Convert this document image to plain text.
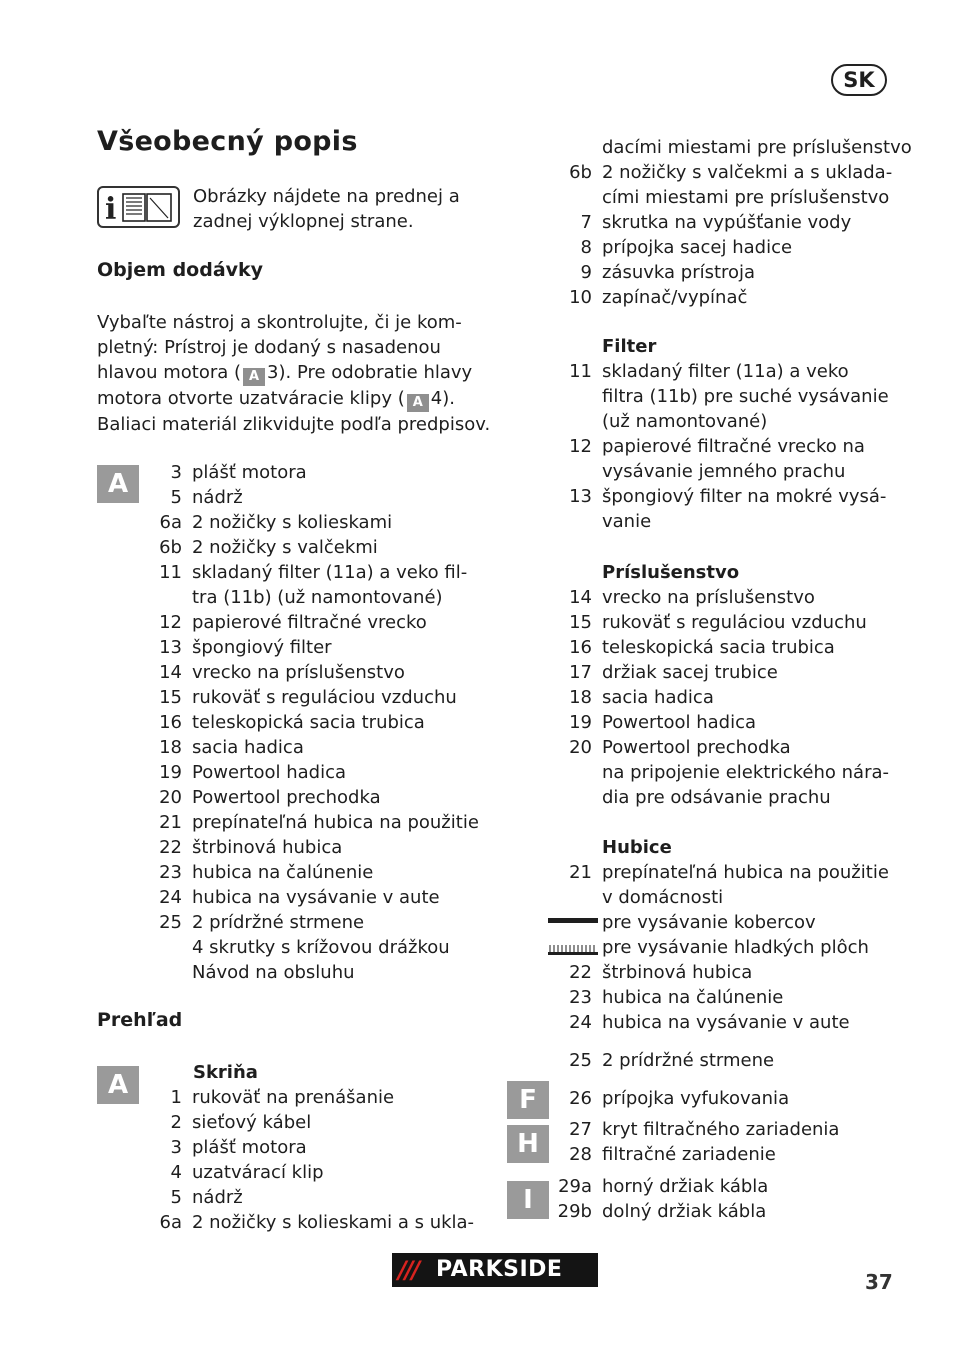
SK
Všeobecný popis
i	Obrázky nájdete na prednej a
zadnej výklopnej strane.
Objem dodávky
Vybaľte nástroj a skontrolujte, či je kom-
pletný: Prístroj je dodaný s nasadenou
hlavou motora ( A 3). Pre odobratie hlavy
motora otvorte uzatváracie klipy ( A 4).
Baliaci materiál zlikvidujte podľa predpisov.
A	3 plášť motora
5 nádrž
6a 2 nožičky s kolieskami
6b 2 nožičky s valčekmi
11 skladaný filter (11a) a veko fil-
tra (11b) (už namontované)
12 papierové filtračné vrecko
13 špongiový filter
14 vrecko na príslušenstvo
15 rukoväť s reguláciou vzduchu
16 teleskopická sacia trubica
18 sacia hadica
19 Powertool hadica
20 Powertool prechodka
21 prepínateľná hubica na použitie
22 štrbinová hubica
23 hubica na čalúnenie
24 hubica na vysávanie v aute
25 2 prídržné strmene
4 skrutky s krížovou drážkou
Návod na obsluhu
Prehľad
A	Skriňa
1 rukoväť na prenášanie
2 sieťový kábel
3 plášť motora
4 uzatvárací klip
5 nádrž
6a 2 nožičky s kolieskami a s ukla-
dacími miestami pre príslušenstvo
6b 2 nožičky s valčekmi a s uklada-
cími miestami pre príslušenstvo
7 skrutka na vypúšťanie vody
8 prípojka sacej hadice
9 zásuvka prístroja
10 zapínač/vypínač
Filter
11 skladaný filter (11a) a veko
filtra (11b) pre suché vysávanie
(už namontované)
12 papierové filtračné vrecko na
vysávanie jemného prachu
13 špongiový filter na mokré vysá-
vanie
Príslušenstvo
14 vrecko na príslušenstvo
15 rukoväť s reguláciou vzduchu
16 teleskopická sacia trubica
17 držiak sacej trubice
18 sacia hadica
19 Powertool hadica
20 Powertool prechodka
na pripojenie elektrického nára-
dia pre odsávanie prachu
Hubice
21 prepínateľná hubica na použitie
v domácnosti
pre vysávanie kobercov
pre vysávanie hladkých plôch
22 štrbinová hubica
23 hubica na čalúnenie
24 hubica na vysávanie v aute
25 2 prídržné strmene
F	26 prípojka vyfukovania
H	27 kryt filtračného zariadenia
28 filtračné zariadenie
I	29a horný držiak kábla
29b dolný držiak kábla
/// PARKSIDE	37
